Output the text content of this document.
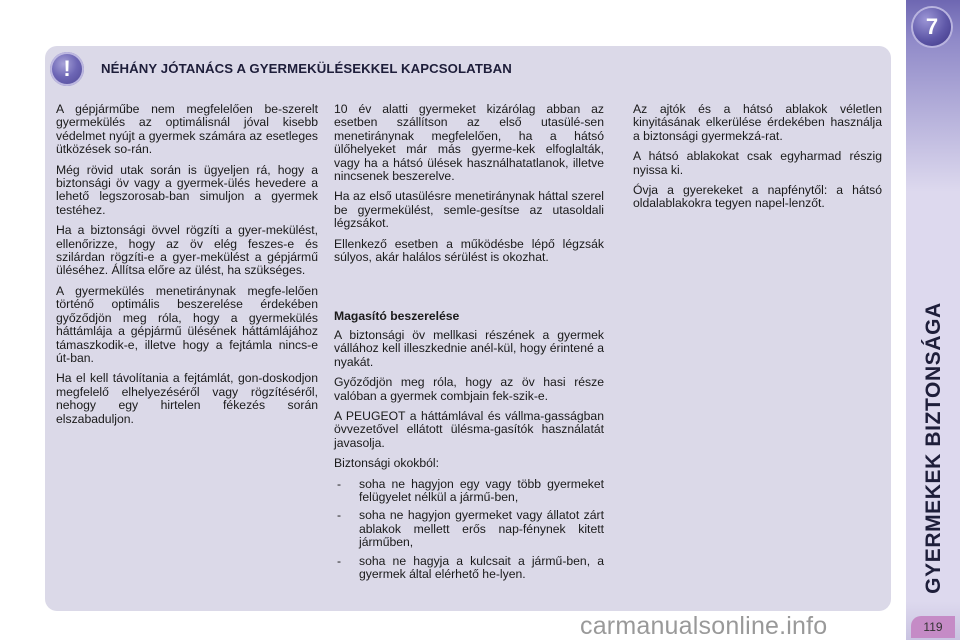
!	NÉHÁNY JÓTANÁCS A GYERMEKÜLÉSEKKEL KAPCSOLATBAN

A gépjárműbe nem megfelelően be-szerelt gyermekülés az optimálisnál jóval kisebb védelmet nyújt a gyermek számára az esetleges ütközések so-rán.

Még rövid utak során is ügyeljen rá, hogy a biztonsági öv vagy a gyermek-ülés hevedere a lehető legszorosab-ban simuljon a gyermek testéhez.

Ha a biztonsági övvel rögzíti a gyer-mekülést, ellenőrizze, hogy az öv elég feszes-e és szilárdan rögzíti-e a gyer-mekülést a gépjármű üléséhez. Állítsa előre az ülést, ha szükséges.

A gyermekülés menetiránynak megfe-lelően történő optimális beszerelése érdekében győződjön meg róla, hogy a gyermekülés háttámlája a gépjármű ülésének háttámlájához támaszkodik-e, illetve hogy a fejtámla nincs-e út-ban.

Ha el kell távolítania a fejtámlát, gon-doskodjon megfelelő elhelyezéséről vagy rögzítéséről, nehogy egy hirtelen fékezés során elszabaduljon.

10 év alatti gyermeket kizárólag abban az esetben szállítson az első utasülé-sen menetiránynak megfelelően, ha a hátsó ülőhelyeket már más gyerme-kek elfoglalták, vagy ha a hátsó ülések használhatatlanok, illetve nincsenek beszerelve.

Ha az első utasülésre menetiránynak háttal szerel be gyermekülést, semle-gesítse az utasoldali légzsákot.

Ellenkező esetben a működésbe lépő légzsák súlyos, akár halálos sérülést is okozhat.

Magasító beszerelése

A biztonsági öv mellkasi részének a gyermek vállához kell illeszkednie anél-kül, hogy érintené a nyakát.

Győződjön meg róla, hogy az öv hasi része valóban a gyermek combjain fek-szik-e.

A PEUGEOT a háttámlával és vállma-gasságban övvezetővel ellátott ülésma-gasítók használatát javasolja.

Biztonsági okokból:

- soha ne hagyjon egy vagy több gyermeket felügyelet nélkül a jármű-ben,
- soha ne hagyjon gyermeket vagy állatot zárt ablakok mellett erős nap-fénynek kitett járműben,
- soha ne hagyja a kulcsait a jármű-ben, a gyermek által elérhető he-lyen.

Az ajtók és a hátsó ablakok véletlen kinyitásának elkerülése érdekében használja a biztonsági gyermekzá-rat.

A hátsó ablakokat csak egyharmad részig nyissa ki.

Óvja a gyerekeket a napfénytől: a hátsó oldalablakokra tegyen napel-lenzőt.

7
GYERMEKEK BIZTONSÁGA
119
carmanualsonline.info
